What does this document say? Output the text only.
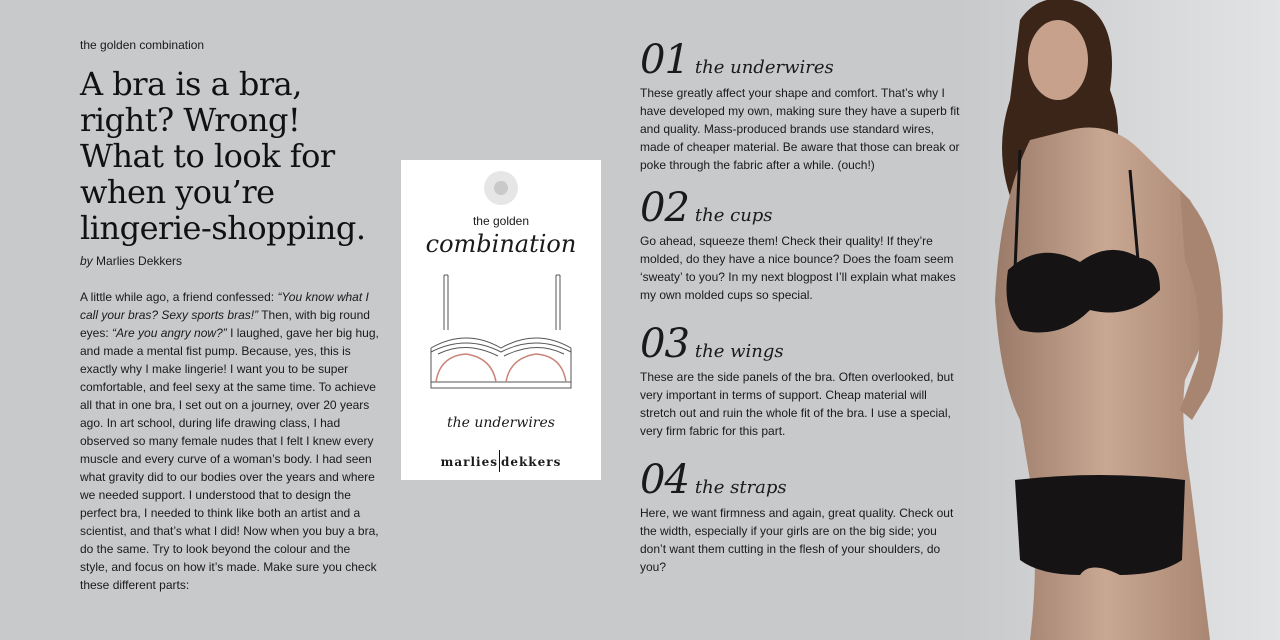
the golden combination
A bra is a bra,
right? Wrong!
What to look for
when you’re
lingerie-shopping.
by Marlies Dekkers

A little while ago, a friend confessed: “You know what I call your bras? Sexy sports bras!” Then, with big round eyes: “Are you angry now?” I laughed, gave her big hug, and made a mental fist pump. Because, yes, this is exactly why I make lingerie! I want you to be super comfortable, and feel sexy at the same time. To achieve all that in one bra, I set out on a journey, over 20 years ago. In art school, during life drawing class, I had observed so many female nudes that I felt I knew every muscle and every curve of a woman’s body. I had seen what gravity did to our bodies over the years and where we needed support. I understood that to design the perfect bra, I needed to think like both an artist and a scientist, and that’s what I did! Now when you buy a bra, do the same. Try to look beyond the colour and the style, and focus on how it’s made. Make sure you check these different parts:

the golden
combination
the underwires
marlies dekkers
01 the underwires

These greatly affect your shape and comfort. That’s why I have developed my own, making sure they have a superb fit and quality. Mass-produced brands use standard wires, made of cheaper material. Be aware that those can break or poke through the fabric after a while. (ouch!)

02 the cups

Go ahead, squeeze them! Check their quality! If they’re molded, do they have a nice bounce? Does the foam seem ‘sweaty’ to you? In my next blogpost I’ll explain what makes my own molded cups so special.

03 the wings

These are the side panels of the bra. Often overlooked, but very important in terms of support. Cheap material will stretch out and ruin the whole fit of the bra. I use a special, very firm fabric for this part.

04 the straps

Here, we want firmness and again, great quality. Check out the width, especially if your girls are on the big side; you don’t want them cutting in the flesh of your shoulders, do you?
